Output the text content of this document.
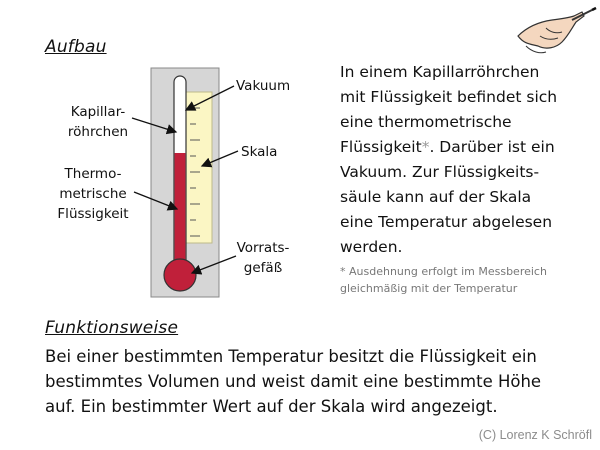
Aufbau
Vakuum
Kapillar-
röhrchen
Skala
Thermo-
metrische
Flüssigkeit
Vorrats-
gefäß
In einem Kapillarröhrchen
mit Flüssigkeit befindet sich
eine thermometrische
Flüssigkeit*. Darüber ist ein
Vakuum. Zur Flüssigkeits-
säule kann auf der Skala
eine Temperatur abgelesen
werden.
* Ausdehnung erfolgt im Messbereich
gleichmäßig mit der Temperatur
Funktionsweise
Bei einer bestimmten Temperatur besitzt die Flüssigkeit ein
bestimmtes Volumen und weist damit eine bestimmte Höhe
auf. Ein bestimmter Wert auf der Skala wird angezeigt.
(C) Lorenz K Schröfl
